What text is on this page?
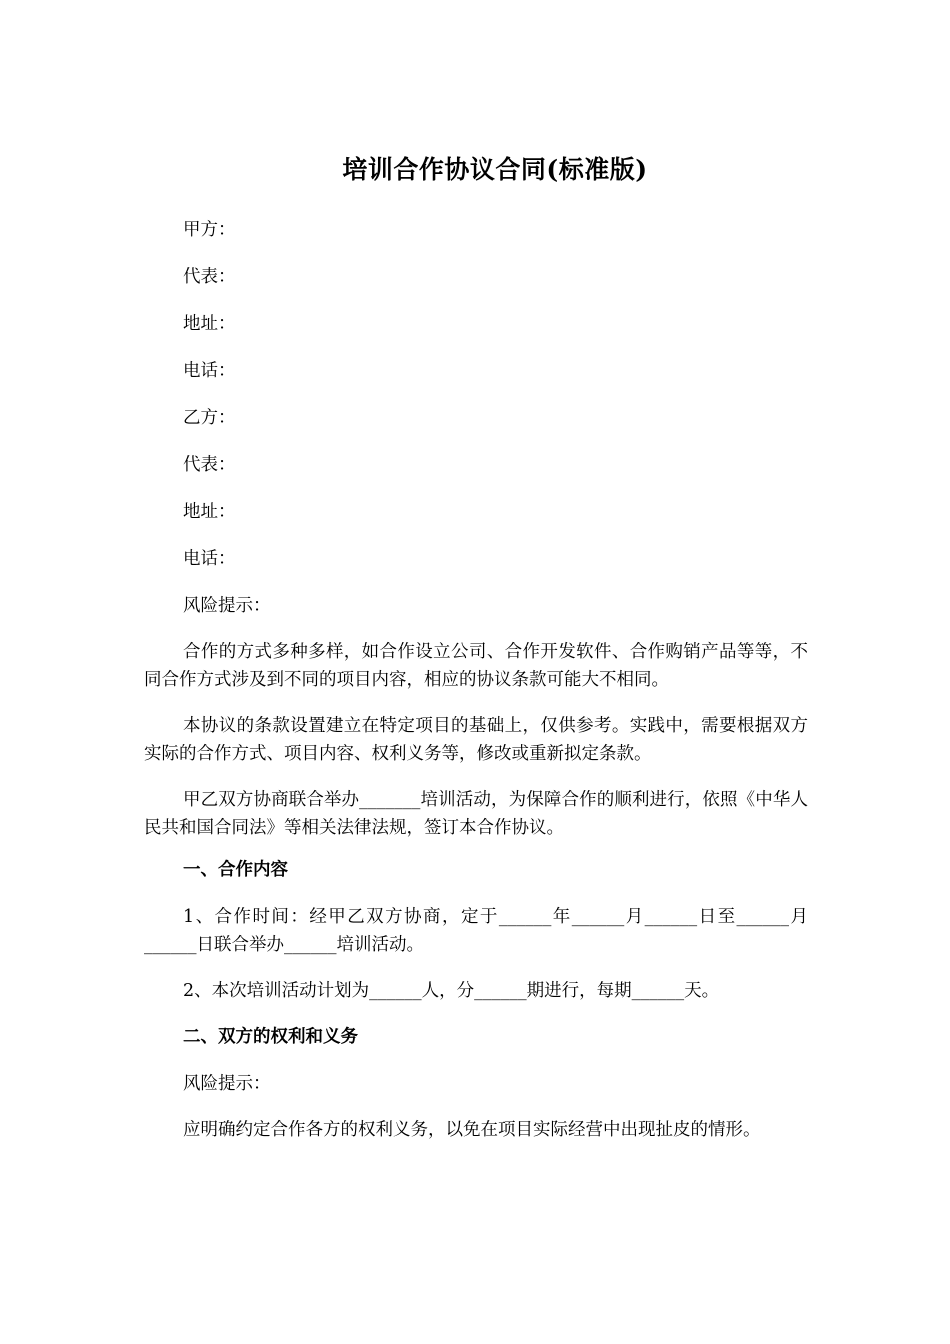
培训合作协议合同(标准版)
甲方：
代表：
地址：
电话：
乙方：
代表：
地址：
电话：
风险提示：
合作的方式多种多样，如合作设立公司、合作开发软件、合作购销产品等等，不同合作方式涉及到不同的项目内容，相应的协议条款可能大不相同。
本协议的条款设置建立在特定项目的基础上，仅供参考。实践中，需要根据双方实际的合作方式、项目内容、权利义务等，修改或重新拟定条款。
甲乙双方协商联合举办_______培训活动，为保障合作的顺利进行，依照《中华人民共和国合同法》等相关法律法规，签订本合作协议。
一、合作内容
1、合作时间：经甲乙双方协商，定于______年______月______日至______月______日联合举办______培训活动。
2、本次培训活动计划为______人，分______期进行，每期______天。
二、双方的权利和义务
风险提示：
应明确约定合作各方的权利义务，以免在项目实际经营中出现扯皮的情形。
